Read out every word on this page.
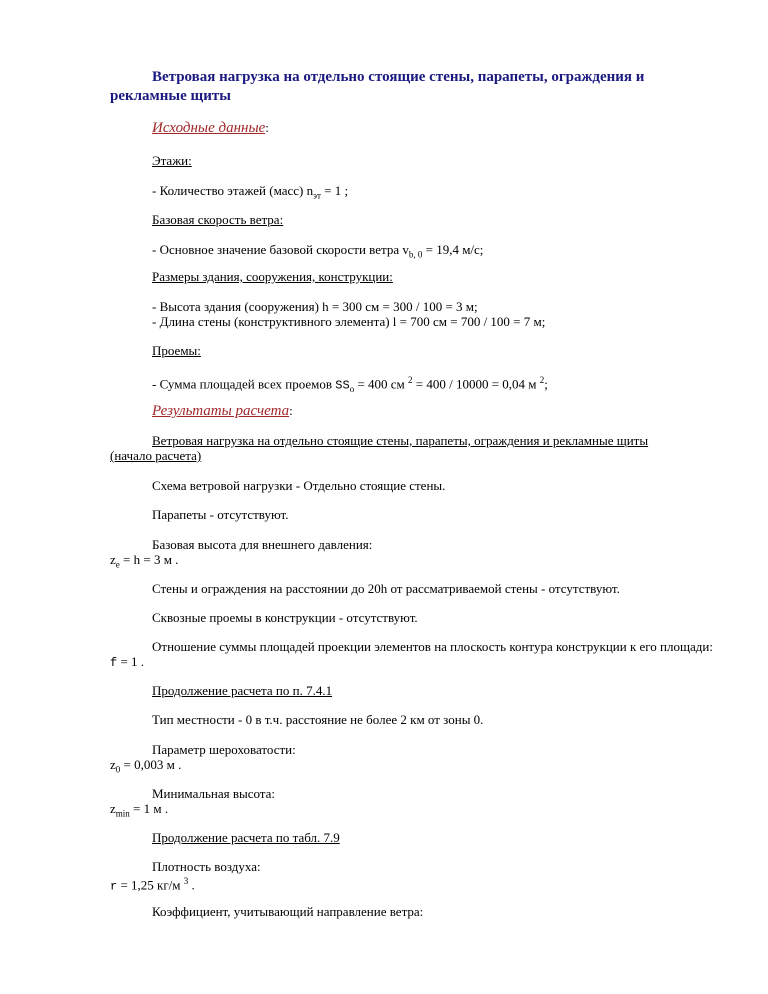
Ветровая нагрузка на отдельно стоящие стены, парапеты, ограждения и рекламные щиты
Исходные данные:
Этажи:
- Количество этажей (масс) $n_{эт} = 1$ ;
Базовая скорость ветра:
- Основное значение базовой скорости ветра $v_{b, 0} = 19,4$ м/с;
Размеры здания, сооружения, конструкции:
- Высота здания (сооружения) h = 300 см = 300 / 100 = 3 м;
- Длина стены (конструктивного элемента) l = 700 см = 700 / 100 = 7 м;
Проемы:
- Сумма площадей всех проемов $SS_o = 400$ см $^2$ = 400 / 10000 = 0,04 м $^2$;
Результаты расчета:
Ветровая нагрузка на отдельно стоящие стены, парапеты, ограждения и рекламные щиты (начало расчета)
Схема ветровой нагрузки - Отдельно стоящие стены.
Парапеты - отсутствуют.
Базовая высота для внешнего давления:
$z_e = h = 3$ м .
Стены и ограждения на расстоянии до 20h от рассматриваемой стены - отсутствуют.
Сквозные проемы в конструкции - отсутствуют.
Отношение суммы площадей проекции элементов на плоскость контура конструкции к его площади:
f = 1 .
Продолжение расчета по п. 7.4.1
Тип местности - 0 в т.ч. расстояние не более 2 км от зоны 0.
Параметр шероховатости:
$z_0 = 0,003$ м .
Минимальная высота:
$z_{min} = 1$ м .
Продолжение расчета по табл. 7.9
Плотность воздуха:
r = 1,25 кг/м $^3$ .
Коэффициент, учитывающий направление ветра:
